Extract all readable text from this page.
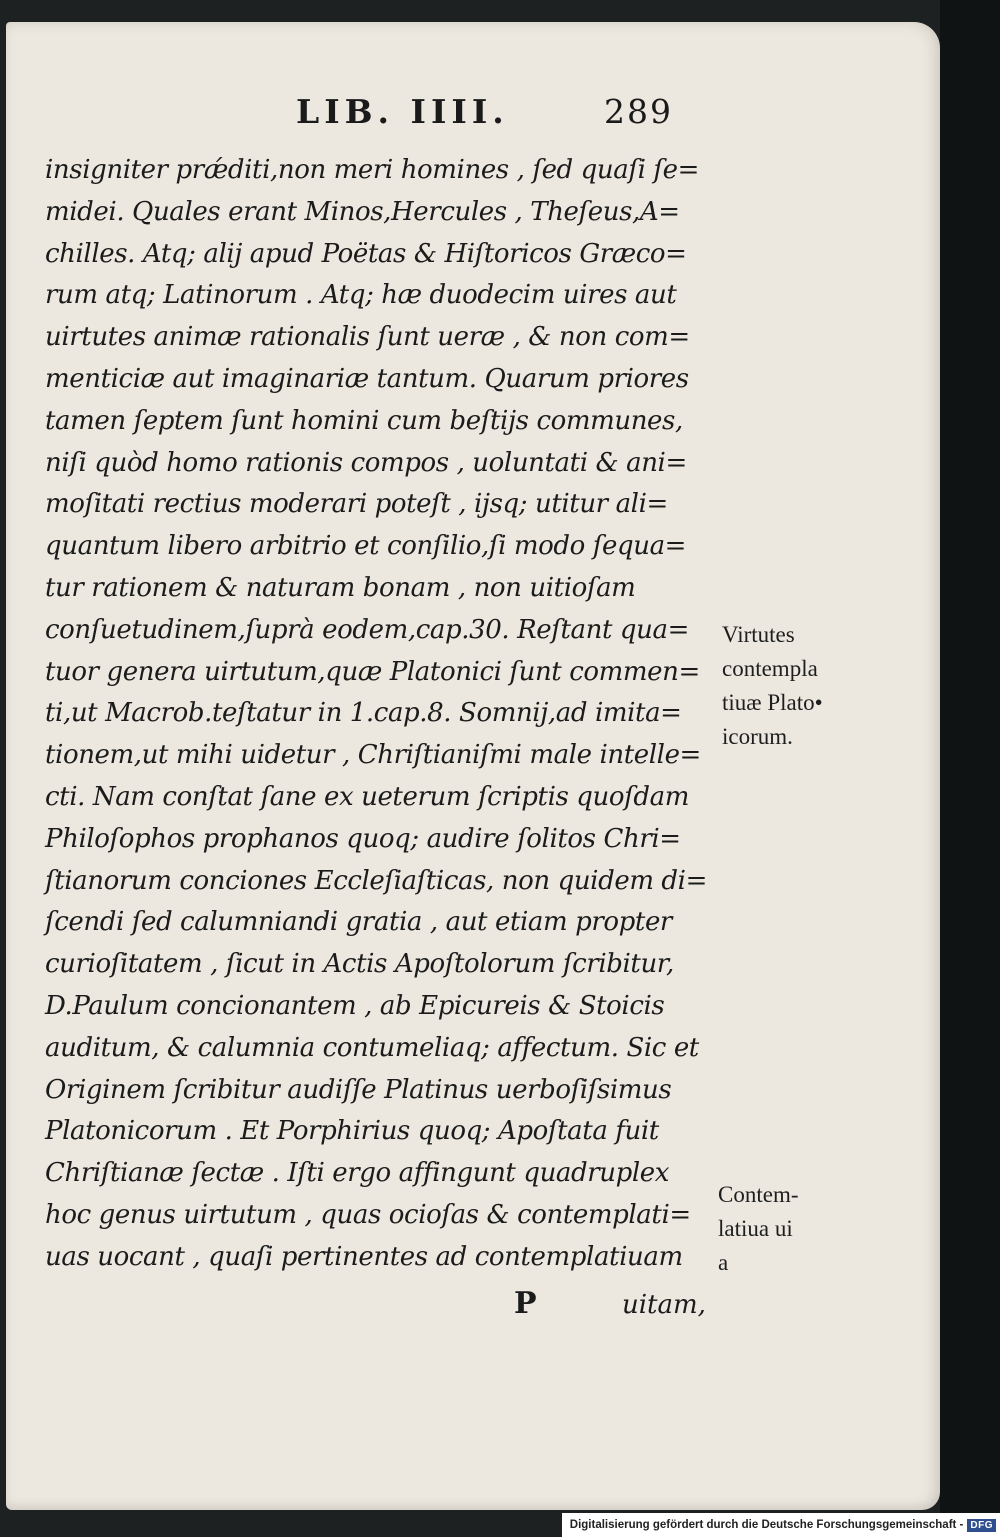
LIB. IIII.	289
insigniter prǽditi,non meri homines , ſed quaſi ſe=
midei. Quales erant Minos,Hercules , Theſeus,A=
chilles. Atq; alij apud Poëtas & Hiſtoricos Græco=
rum atq; Latinorum . Atq; hæ duodecim uires aut
uirtutes animæ rationalis ſunt ueræ , & non com=
menticiæ aut imaginariæ tantum. Quarum priores
tamen ſeptem ſunt homini cum beſtijs communes,
niſi quòd homo rationis compos , uoluntati & ani=
moſitati rectius moderari poteſt , ijsq; utitur ali=
quantum libero arbitrio et conſilio,ſi modo ſequa=
tur rationem & naturam bonam , non uitioſam
conſuetudinem,ſuprà eodem,cap.30. Reſtant qua=
tuor genera uirtutum,quæ Platonici ſunt commen=
ti,ut Macrob.teſtatur in 1.cap.8. Somnij,ad imita=
tionem,ut mihi uidetur , Chriſtianiſmi male intelle=
cti. Nam conſtat ſane ex ueterum ſcriptis quoſdam
Philoſophos prophanos quoq; audire ſolitos Chri=
ſtianorum conciones Eccleſiaſticas, non quidem di=
ſcendi ſed calumniandi gratia , aut etiam propter
curioſitatem , ſicut in Actis Apoſtolorum ſcribitur,
D.Paulum concionantem , ab Epicureis & Stoicis
auditum, & calumnia contumeliaq; affectum. Sic et
Originem ſcribitur audiſſe Platinus uerboſiſsimus
Platonicorum . Et Porphirius quoq; Apoſtata fuit
Chriſtianæ ſectæ . Iſti ergo affingunt quadruplex
hoc genus uirtutum , quas ocioſas & contemplati=
uas uocant , quaſi pertinentes ad contemplatiuam
Virtutes
contempla
tiuæ Plato•
icorum.
Contem-
latiua ui
a
P	uitam,
Digitalisierung gefördert durch die Deutsche Forschungsgemeinschaft - DFG
